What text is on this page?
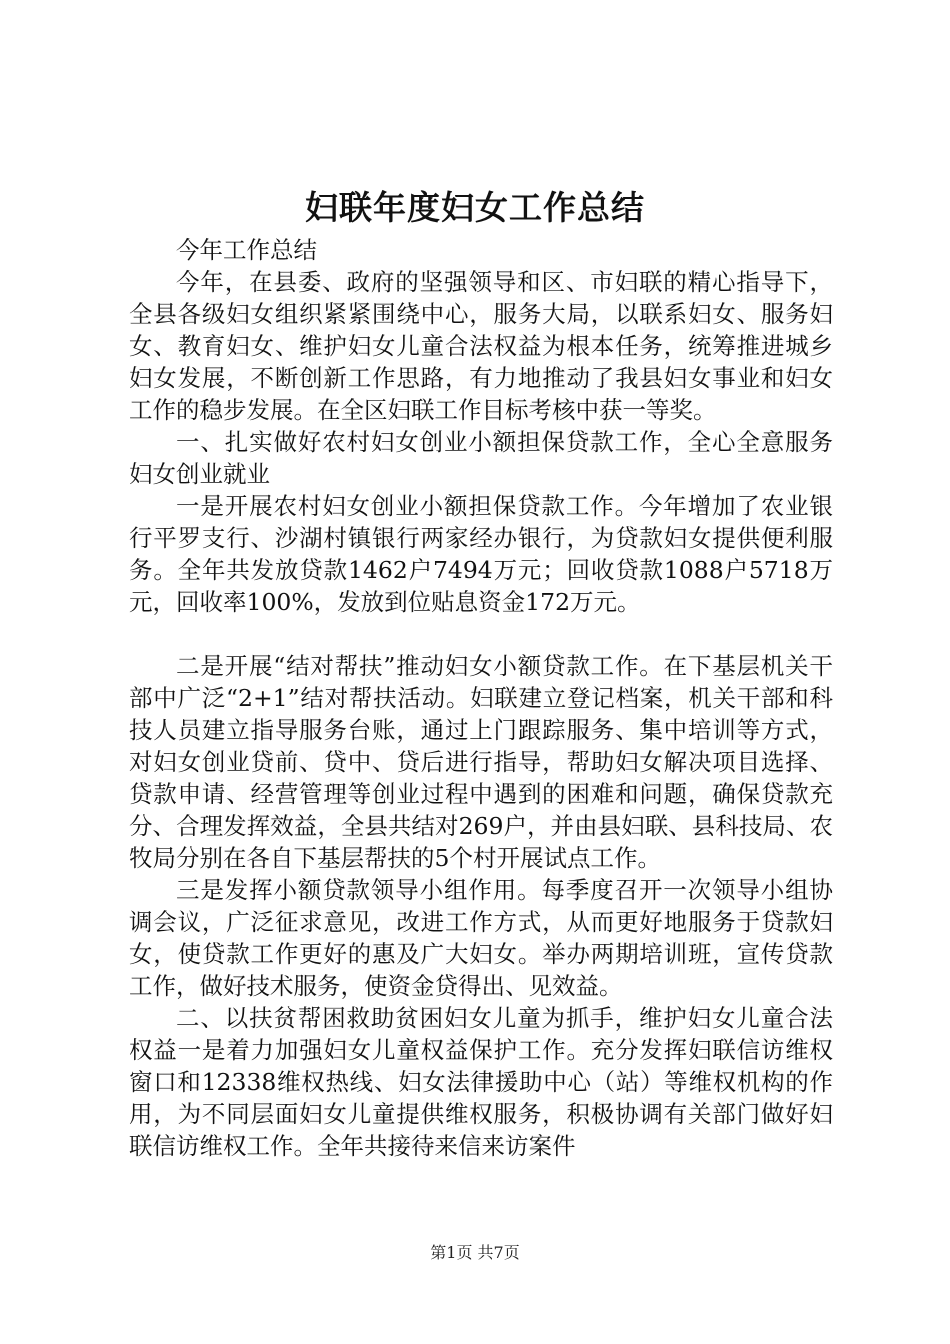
妇联年度妇女工作总结

今年工作总结

今年，在县委、政府的坚强领导和区、市妇联的精心指导下，全县各级妇女组织紧紧围绕中心，服务大局，以联系妇女、服务妇女、教育妇女、维护妇女儿童合法权益为根本任务，统筹推进城乡妇女发展，不断创新工作思路，有力地推动了我县妇女事业和妇女工作的稳步发展。在全区妇联工作目标考核中获一等奖。

一、扎实做好农村妇女创业小额担保贷款工作，全心全意服务妇女创业就业

一是开展农村妇女创业小额担保贷款工作。今年增加了农业银行平罗支行、沙湖村镇银行两家经办银行，为贷款妇女提供便利服务。全年共发放贷款1462户7494万元；回收贷款1088户5718万元，回收率100%，发放到位贴息资金172万元。

二是开展“结对帮扶”推动妇女小额贷款工作。在下基层机关干部中广泛“2+1”结对帮扶活动。妇联建立登记档案，机关干部和科技人员建立指导服务台账，通过上门跟踪服务、集中培训等方式，对妇女创业贷前、贷中、贷后进行指导，帮助妇女解决项目选择、贷款申请、经营管理等创业过程中遇到的困难和问题，确保贷款充分、合理发挥效益，全县共结对269户，并由县妇联、县科技局、农牧局分别在各自下基层帮扶的5个村开展试点工作。

三是发挥小额贷款领导小组作用。每季度召开一次领导小组协调会议，广泛征求意见，改进工作方式，从而更好地服务于贷款妇女，使贷款工作更好的惠及广大妇女。举办两期培训班，宣传贷款工作，做好技术服务，使资金贷得出、见效益。

二、以扶贫帮困救助贫困妇女儿童为抓手，维护妇女儿童合法权益一是着力加强妇女儿童权益保护工作。充分发挥妇联信访维权窗口和12338维权热线、妇女法律援助中心（站）等维权机构的作用，为不同层面妇女儿童提供维权服务，积极协调有关部门做好妇联信访维权工作。全年共接待来信来访案件

第1页 共7页
